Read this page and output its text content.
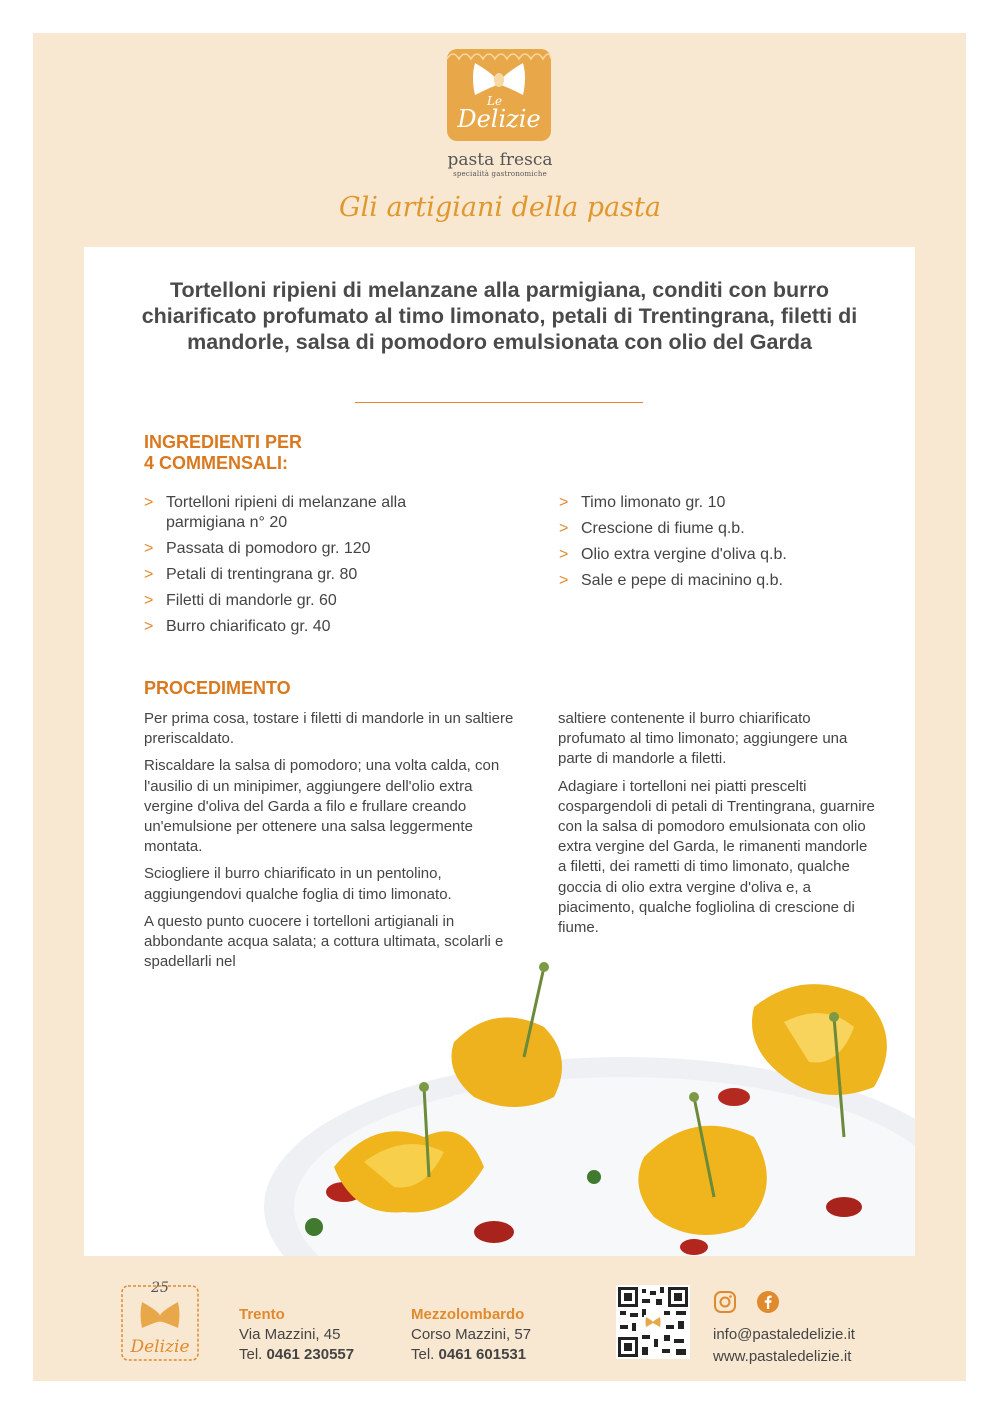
Delizie
Le
pasta fresca
specialità gastronomiche
Gli artigiani della pasta
Tortelloni ripieni di melanzane alla parmigiana, conditi con burro chiarificato profumato al timo limonato, petali di Trentingrana, filetti di mandorle, salsa di pomodoro emulsionata con olio del Garda
INGREDIENTI PER
4 COMMENSALI:
> Tortelloni ripieni di melanzane alla parmigiana n° 20
> Passata di pomodoro gr. 120
> Petali di trentingrana gr. 80
> Filetti di mandorle gr. 60
> Burro chiarificato gr. 40
> Timo limonato gr. 10
> Crescione di fiume q.b.
> Olio extra vergine d'oliva q.b.
> Sale e pepe di macinino q.b.
PROCEDIMENTO

Per prima cosa, tostare i filetti di mandorle in un saltiere preriscaldato.

Riscaldare la salsa di pomodoro; una volta calda, con l'ausilio di un minipimer, aggiungere dell'olio extra vergine d'oliva del Garda a filo e frullare creando un'emulsione per ottenere una salsa leggermente montata.

Sciogliere il burro chiarificato in un pentolino, aggiungendovi qualche foglia di timo limonato.

A questo punto cuocere i tortelloni artigianali in abbondante acqua salata; a cottura ultimata, scolarli e spadellarli nel

saltiere contenente il burro chiarificato profumato al timo limonato; aggiungere una parte di mandorle a filetti.

Adagiare i tortelloni nei piatti prescelti cospargendoli di petali di Trentingrana, guarnire con la salsa di pomodoro emulsionata con olio extra vergine del Garda, le rimanenti mandorle a filetti, dei rametti di timo limonato, qualche goccia di olio extra vergine d'oliva e, a piacimento, qualche fogliolina di crescione di fiume.

25
Delizie
Trento
Via Mazzini, 45
Tel. 0461 230557
Mezzolombardo
Corso Mazzini, 57
Tel. 0461 601531

info@pastaledelizie.it
www.pastaledelizie.it
